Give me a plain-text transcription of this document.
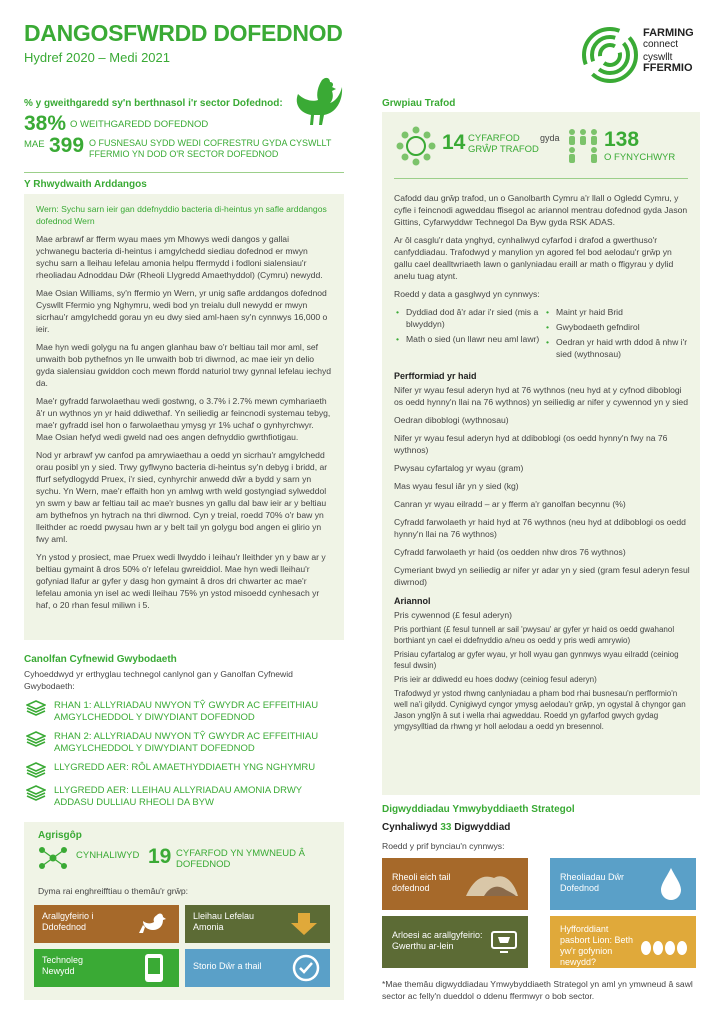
DANGOSFWRDD DOFEDNOD
Hydref 2020 – Medi 2021
FARMING
connect
cyswllt
FFERMIO
% y gweithgaredd sy'n berthnasol i'r sector Dofednod:
38% O WEITHGAREDD DOFEDNOD
MAE 399 O FUSNESAU SYDD WEDI COFRESTRU GYDA CYSWLLT FFERMIO YN DOD O'R SECTOR DOFEDNOD
Y Rhwydwaith Arddangos

Wern: Sychu sarn ieir gan ddefnyddio bacteria di-heintus yn safle arddangos dofednod Wern

Mae arbrawf ar fferm wyau maes ym Mhowys wedi dangos y gallai ychwanegu bacteria di-heintus i amgylchedd siediau dofednod er mwyn sychu sarn a lleihau lefelau amonia helpu ffermydd i fodloni sialensiau'r rheoliadau Adnoddau Dŵr (Rheoli Llygredd Amaethyddol) (Cymru) newydd.

Mae Osian Williams, sy'n ffermio yn Wern, yr unig safle arddangos dofednod Cyswllt Ffermio yng Nghymru, wedi bod yn treialu dull newydd er mwyn sicrhau'r amgylchedd gorau yn eu dwy sied aml-haen sy'n cynnwys 16,000 o ieir.

Mae hyn wedi golygu na fu angen glanhau baw o'r beltiau tail mor aml, sef unwaith bob pythefnos yn lle unwaith bob tri diwrnod, ac mae ieir yn delio gyda sialensiau gwiddon coch mewn ffordd naturiol trwy gynnal lefelau iechyd da.

Mae'r gyfradd farwolaethau wedi gostwng, o 3.7% i 2.7% mewn cymhariaeth â'r un wythnos yn yr haid ddiwethaf. Yn seiliedig ar feincnodi systemau tebyg, mae'r gyfradd isel hon o farwolaethau ymysg yr 1% uchaf o gynhyrchwyr. Mae Osian hefyd wedi gweld nad oes angen defnyddio gwrthfiotigau.

Nod yr arbrawf yw canfod pa amrywiaethau a oedd yn sicrhau'r amgylchedd orau posibl yn y sied. Trwy gyflwyno bacteria di-heintus sy'n debyg i bridd, ar ffurf sefydlogydd Pruex, i'r sied, cynhyrchir anwedd dŵr a bydd y sarn yn sychu. Yn Wern, mae'r effaith hon yn amlwg wrth weld gostyngiad sylweddol yn swm y baw ar feltiau tail ac mae'r busnes yn gallu dal baw ieir ar y beltiau am bythefnos yn hytrach na thri diwrnod. Cyn y treial, roedd 70% o'r baw yn lleithder ac roedd pwysau hwn ar y belt tail yn golygu bod angen ei glirio yn fwy aml.

Yn ystod y prosiect, mae Pruex wedi llwyddo i leihau'r lleithder yn y baw ar y beltiau gymaint â dros 50% o'r lefelau gwreiddiol. Mae hyn wedi lleihau'r gofyniad llafur ar gyfer y dasg hon gymaint â dros dri chwarter ac mae'r lefelau amonia yn isel ac wedi lleihau 75% yn ystod misoedd cynhesach yr haf, o 20 rhan fesul miliwn i 5.

Canolfan Cyfnewid Gwybodaeth
Cyhoeddwyd yr erthyglau technegol canlynol gan y Ganolfan Cyfnewid Gwybodaeth:
RHAN 1: ALLYRIADAU NWYON TŶ GWYDR AC EFFEITHIAU AMGYLCHEDDOL Y DIWYDIANT DOFEDNOD
RHAN 2: ALLYRIADAU NWYON TŶ GWYDR AC EFFEITHIAU AMGYLCHEDDOL Y DIWYDIANT DOFEDNOD
LLYGREDD AER: RÔL AMAETHYDDIAETH YNG NGHYMRU
LLYGREDD AER: LLEIHAU ALLYRIADAU AMONIA DRWY ADDASU DULLIAU RHEOLI DA BYW
Agrisgôp
CYNHALIWYD 19 CYFARFOD YN YMWNEUD Â DOFEDNOD
Dyma rai enghreifftiau o themâu'r grŵp:
Arallgyfeirio i Ddofednod
Lleihau Lefelau Amonia
Technoleg Newydd	Storio Dŵr a thail
Grwpiau Trafod
14 CYFARFOD GRŴP TRAFOD
gyda 138
O FYNYCHWYR

Cafodd dau grŵp trafod, un o Ganolbarth Cymru a'r llall o Ogledd Cymru, y cyfle i feincnodi agweddau ffisegol ac ariannol mentrau dofednod gyda Jason Gittins, Cyfarwyddwr Technegol Da Byw gyda RSK ADAS.

Ar ôl casglu'r data ynghyd, cynhaliwyd cyfarfod i drafod a gwerthuso'r canfyddiadau. Trafodwyd y manylion yn agored fel bod aelodau'r grŵp yn gallu cael dealltwriaeth lawn o ganlyniadau eraill ar math o ffigyrau y dylid anelu tuag atynt.

Roedd y data a gasglwyd yn cynnwys:

• Dyddiad dod â'r adar i'r sied (mis a blwyddyn)
• Math o sied (un llawr neu aml lawr)
• Maint yr haid Brid
• Gwybodaeth gefndirol
• Oedran yr haid wrth ddod â nhw i'r sied (wythnosau)
Perfformiad yr haid

Nifer yr wyau fesul aderyn hyd at 76 wythnos (neu hyd at y cyfnod diboblogi os oedd hynny'n llai na 76 wythnos) yn seiliedig ar nifer y cywennod yn y sied

Oedran diboblogi (wythnosau)

Nifer yr wyau fesul aderyn hyd at ddiboblogi (os oedd hynny'n fwy na 76 wythnos)

Pwysau cyfartalog yr wyau (gram)

Mas wyau fesul iâr yn y sied (kg)

Canran yr wyau eilradd – ar y fferm a'r ganolfan becynnu (%)

Cyfradd farwolaeth yr haid hyd at 76 wythnos (neu hyd at ddiboblogi os oedd hynny'n llai na 76 wythnos)

Cyfradd farwolaeth yr haid (os oedden nhw dros 76 wythnos)

Cymeriant bwyd yn seiliedig ar nifer yr adar yn y sied (gram fesul aderyn fesul diwrnod)

Ariannol

Pris cywennod (£ fesul aderyn)

Pris porthiant (£ fesul tunnell ar sail 'pwysau' ar gyfer yr haid os oedd gwahanol borthiant yn cael ei ddefnyddio a/neu os oedd y pris wedi amrywio)

Prisiau cyfartalog ar gyfer wyau, yr holl wyau gan gynnwys wyau eilradd (ceiniog fesul dwsin)

Pris ieir ar ddiwedd eu hoes dodwy (ceiniog fesul aderyn)

Trafodwyd yr ystod rhwng canlyniadau a pham bod rhai busnesau'n perfformio'n well na'i gilydd. Cynigiwyd cyngor ymysg aelodau'r grŵp, yn ogystal â chyngor gan Jason ynglŷn â sut i wella rhai agweddau. Roedd yn gyfarfod gwych gydag ymgysylltiad da rhwng yr holl aelodau a oedd yn bresennol.

Digwyddiadau Ymwybyddiaeth Strategol
Cynhaliwyd 33 Digwyddiad
Roedd y prif bynciau'n cynnwys:
Rheoli eich tail dofednod
Rheoliadau Dŵr Dofednod
Arloesi ac arallgyfeirio: Gwerthu ar-lein
Hyfforddiant pasbort Lion: Beth yw'r gofynion newydd?
*Mae themâu digwyddiadau Ymwybyddiaeth Strategol yn aml yn ymwneud â sawl sector ac felly'n dueddol o ddenu ffermwyr o bob sector.
